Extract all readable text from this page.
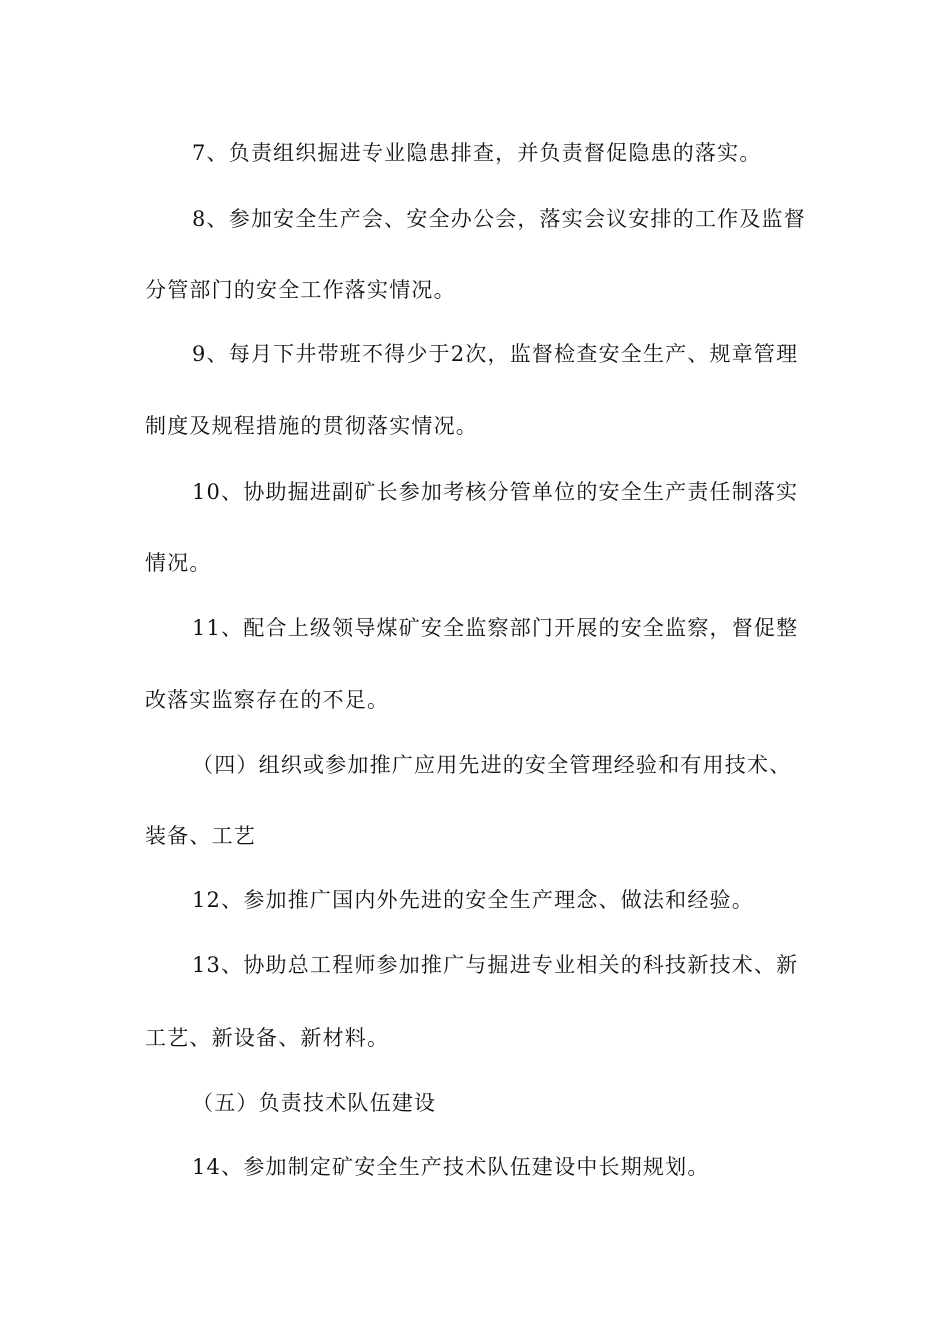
7、负责组织掘进专业隐患排查，并负责督促隐患的落实。
8、参加安全生产会、安全办公会，落实会议安排的工作及监督
分管部门的安全工作落实情况。
9、每月下井带班不得少于2次，监督检查安全生产、规章管理
制度及规程措施的贯彻落实情况。
10、协助掘进副矿长参加考核分管单位的安全生产责任制落实
情况。
11、配合上级领导煤矿安全监察部门开展的安全监察，督促整
改落实监察存在的不足。
（四）组织或参加推广应用先进的安全管理经验和有用技术、
装备、工艺
12、参加推广国内外先进的安全生产理念、做法和经验。
13、协助总工程师参加推广与掘进专业相关的科技新技术、新
工艺、新设备、新材料。
（五）负责技术队伍建设
14、参加制定矿安全生产技术队伍建设中长期规划。
